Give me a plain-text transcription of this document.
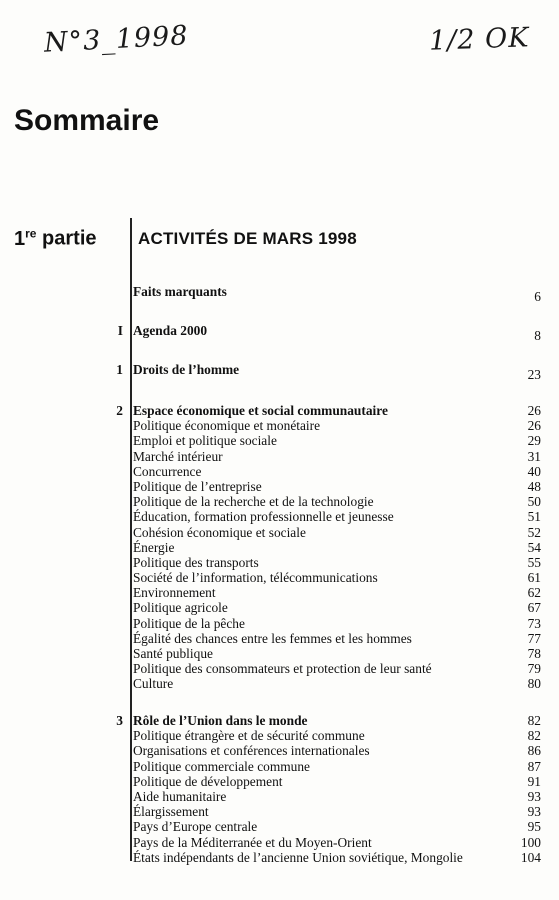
N°3_1998	1/2 OK
Sommaire
1re partie ACTIVITÉS DE MARS 1998
Faits marquants	6
I Agenda 2000	8
1 Droits de l’homme	23
2 Espace économique et social communautaire	26
Politique économique et monétaire	26
Emploi et politique sociale	29
Marché intérieur	31
Concurrence	40
Politique de l’entreprise	48
Politique de la recherche et de la technologie	50
Éducation, formation professionnelle et jeunesse	51
Cohésion économique et sociale	52
Énergie	54
Politique des transports	55
Société de l’information, télécommunications	61
Environnement	62
Politique agricole	67
Politique de la pêche	73
Égalité des chances entre les femmes et les hommes	77
Santé publique	78
Politique des consommateurs et protection de leur santé	79
Culture	80
3 Rôle de l’Union dans le monde	82
Politique étrangère et de sécurité commune	82
Organisations et conférences internationales	86
Politique commerciale commune	87
Politique de développement	91
Aide humanitaire	93
Élargissement	93
Pays d’Europe centrale	95
Pays de la Méditerranée et du Moyen-Orient	100
États indépendants de l’ancienne Union soviétique, Mongolie	104
